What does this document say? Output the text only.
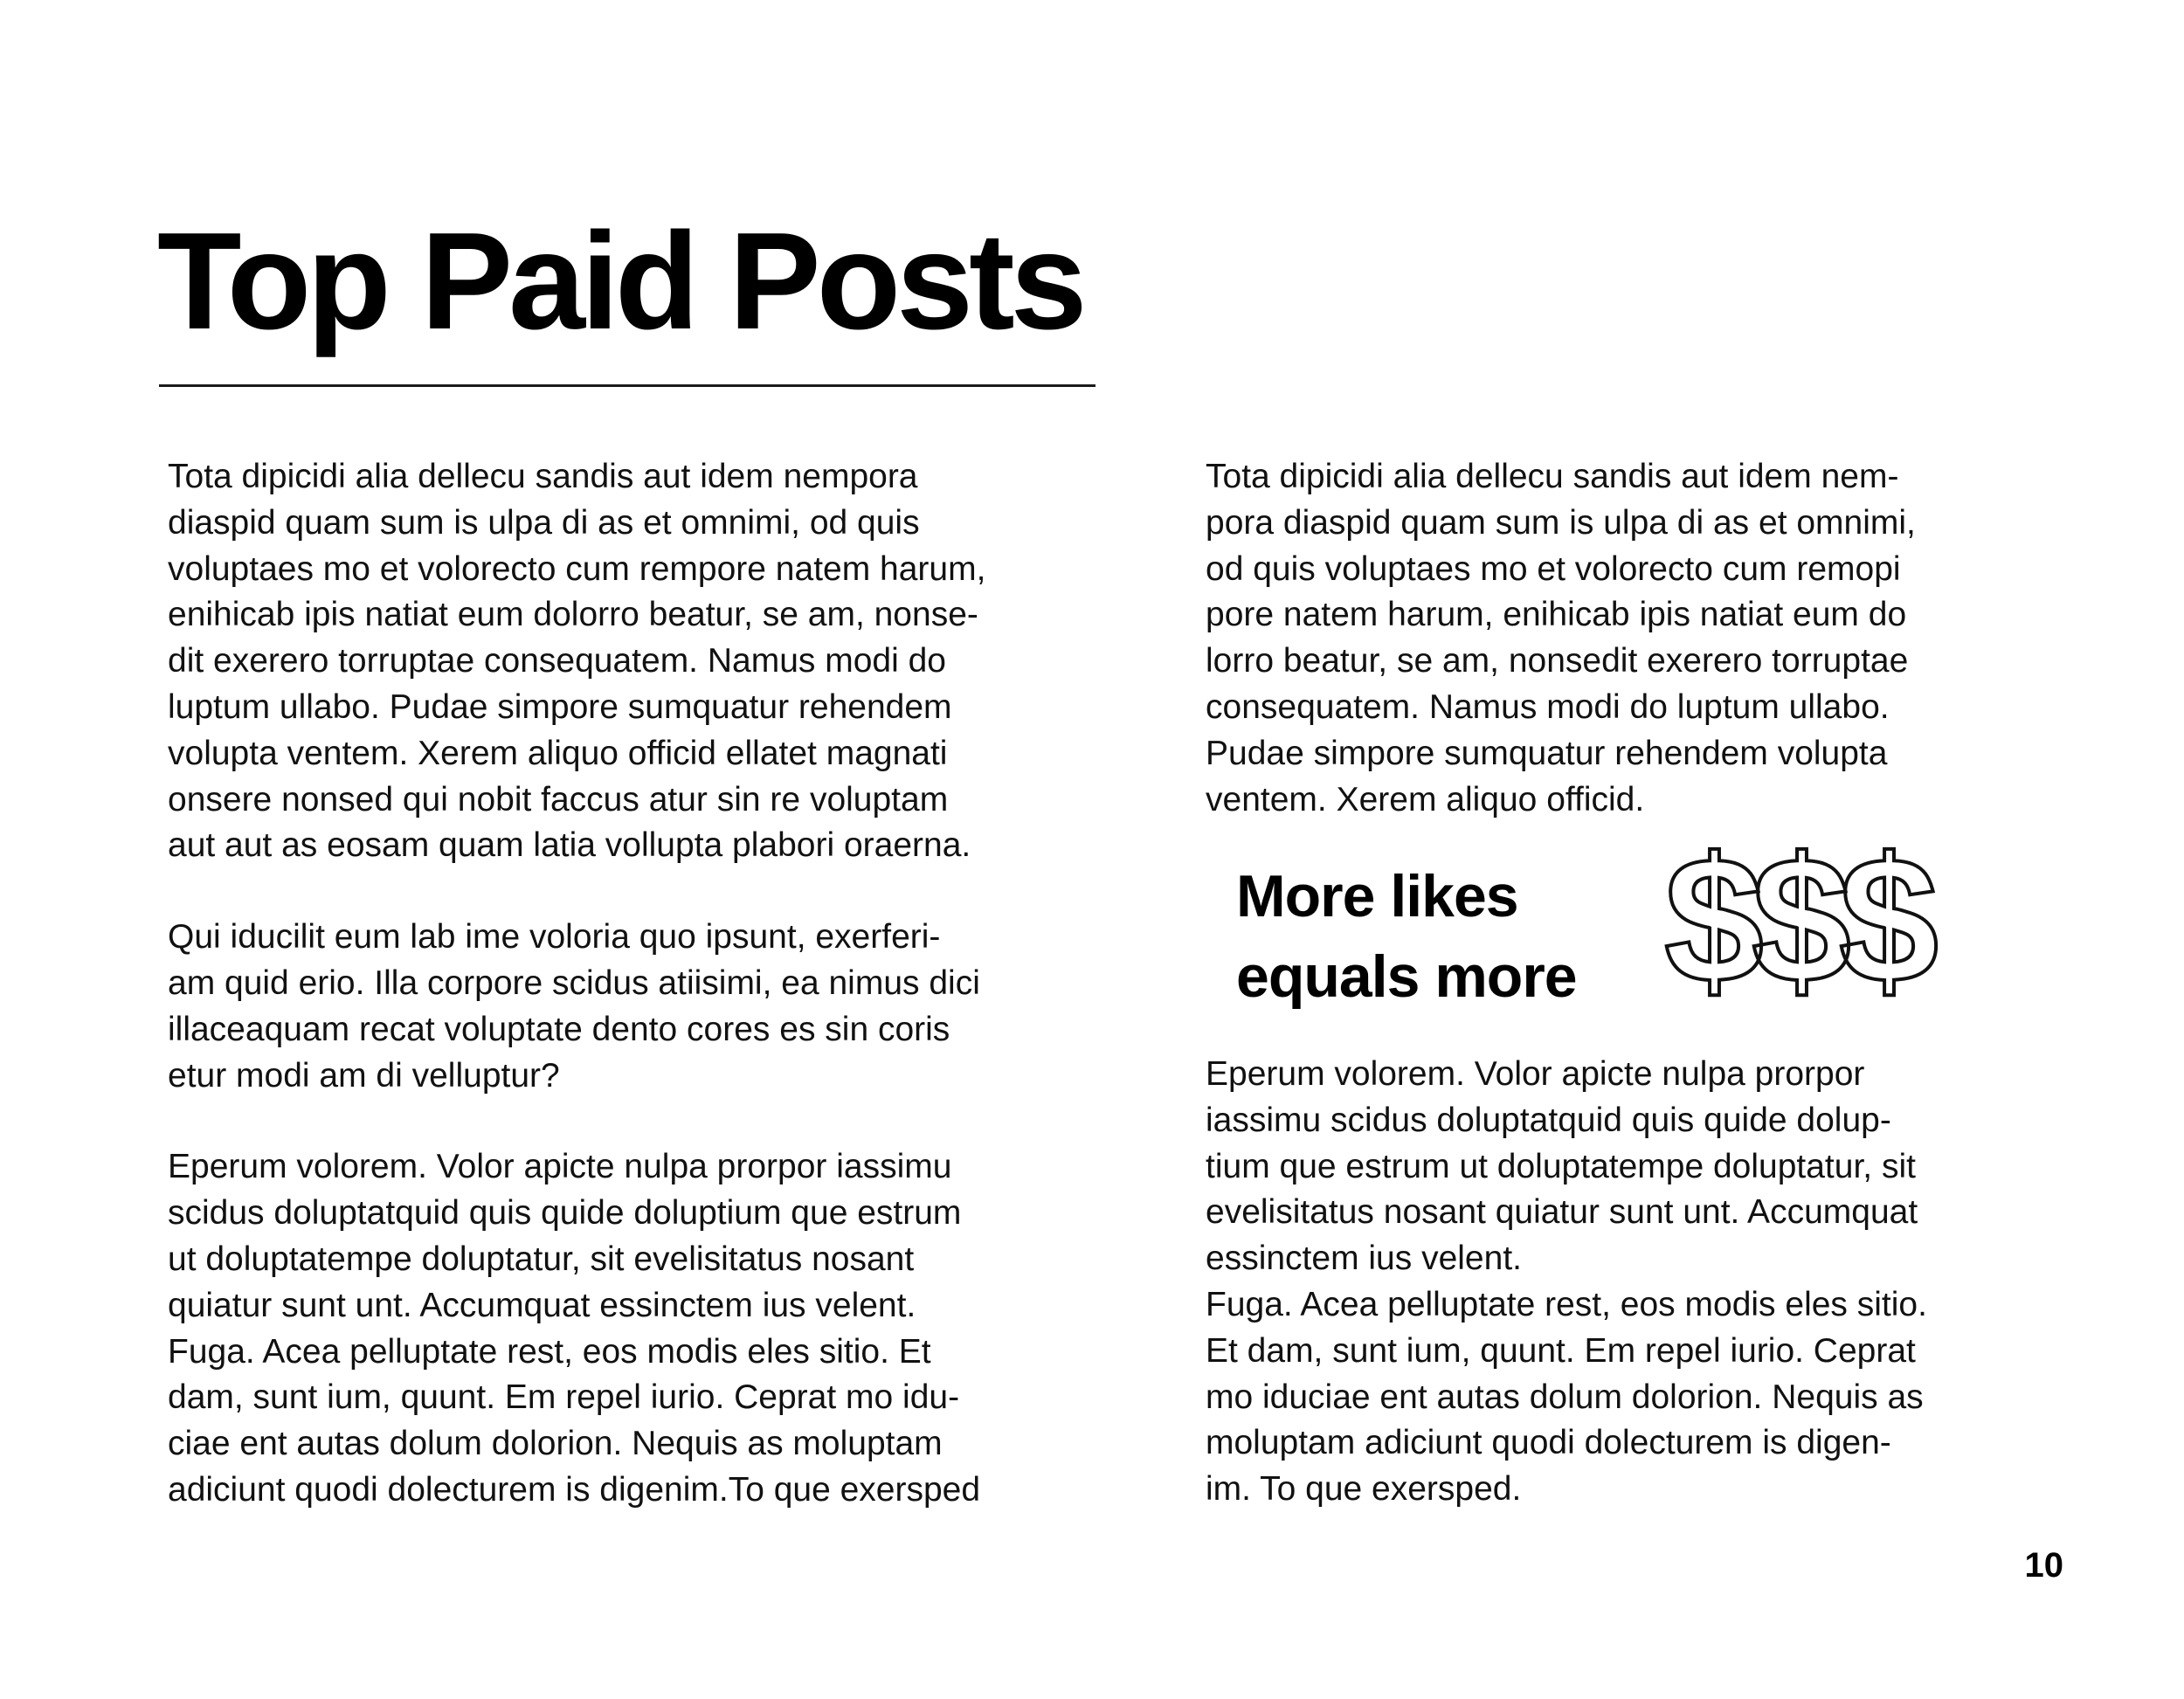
Top Paid Posts

Tota dipicidi alia dellecu sandis aut idem nempora
diaspid quam sum is ulpa di as et omnimi, od quis
voluptaes mo et volorecto cum rempore natem harum,
enihicab ipis natiat eum dolorro beatur, se am, nonse-
dit exerero torruptae consequatem. Namus modi do
luptum ullabo. Pudae simpore sumquatur rehendem
volupta ventem. Xerem aliquo officid ellatet magnati
onsere nonsed qui nobit faccus atur sin re voluptam
aut aut as eosam quam latia vollupta plabori oraerna.

Qui iducilit eum lab ime voloria quo ipsunt, exerferi-
am quid erio. Illa corpore scidus atiisimi, ea nimus dici
illaceaquam recat voluptate dento cores es sin coris
etur modi am di velluptur?

Eperum volorem. Volor apicte nulpa prorpor iassimu
scidus doluptatquid quis quide doluptium que estrum
ut doluptatempe doluptatur, sit evelisitatus nosant
quiatur sunt unt. Accumquat essinctem ius velent.
Fuga. Acea pelluptate rest, eos modis eles sitio. Et
dam, sunt ium, quunt. Em repel iurio. Ceprat mo idu-
ciae ent autas dolum dolorion. Nequis as moluptam
adiciunt quodi dolecturem is digenim.To que exersped

Tota dipicidi alia dellecu sandis aut idem nem-
pora diaspid quam sum is ulpa di as et omnimi,
od quis voluptaes mo et volorecto cum remopi
pore natem harum, enihicab ipis natiat eum do
lorro beatur, se am, nonsedit exerero torruptae
consequatem. Namus modi do luptum ullabo.
Pudae simpore sumquatur rehendem volupta
ventem. Xerem aliquo officid.

More likes
equals more $$$

Eperum volorem. Volor apicte nulpa prorpor
iassimu scidus doluptatquid quis quide dolup-
tium que estrum ut doluptatempe doluptatur, sit
evelisitatus nosant quiatur sunt unt. Accumquat
essinctem ius velent.

Fuga. Acea pelluptate rest, eos modis eles sitio.
Et dam, sunt ium, quunt. Em repel iurio. Ceprat
mo iduciae ent autas dolum dolorion. Nequis as
moluptam adiciunt quodi dolecturem is digen-
im. To que exersped.

10
